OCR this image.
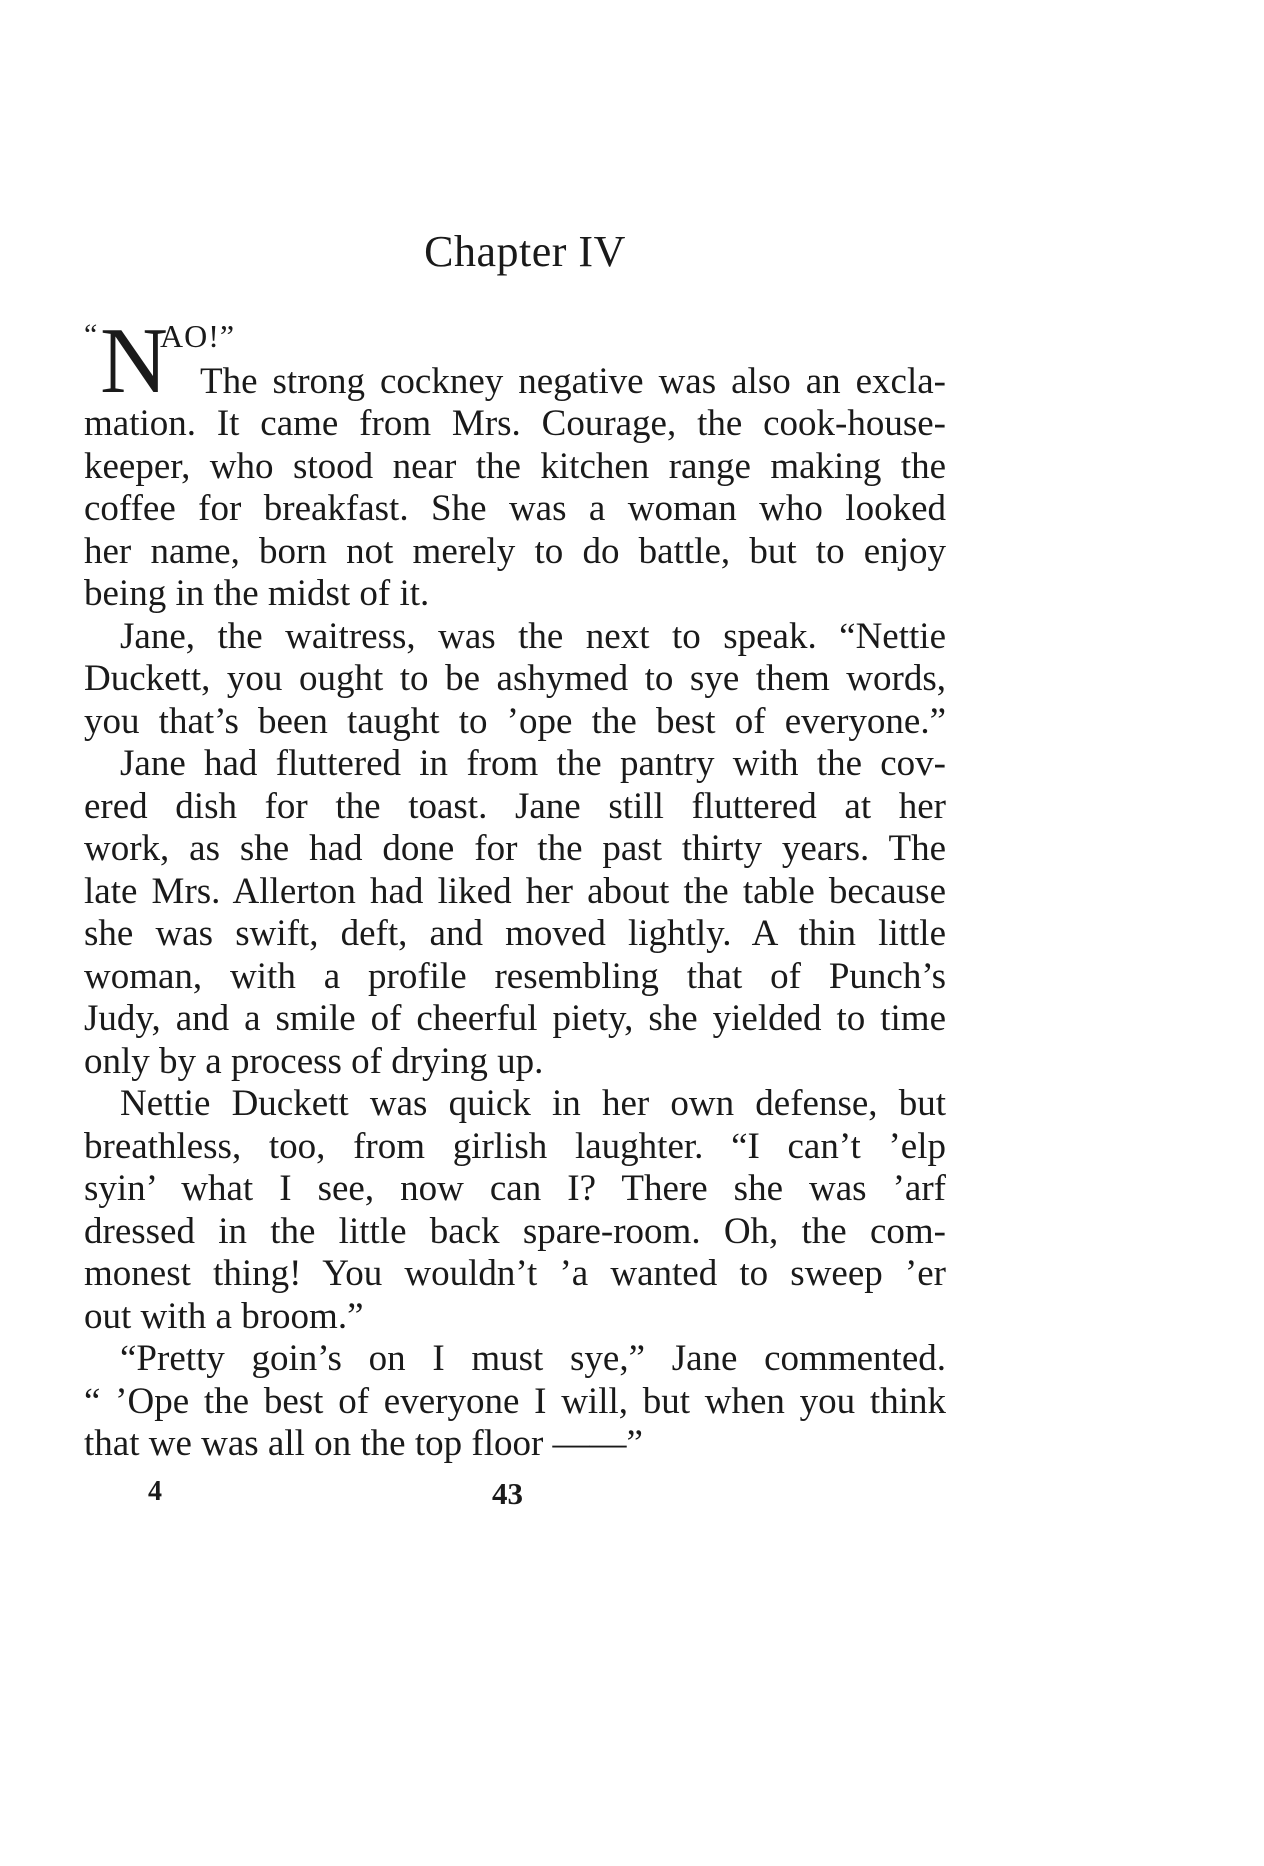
Chapter IV
“ N
AO!”
The strong cockney negative was also an excla-
mation. It came from Mrs. Courage, the cook-house-
keeper, who stood near the kitchen range making the
coffee for breakfast. She was a woman who looked
her name, born not merely to do battle, but to enjoy
being in the midst of it.
Jane, the waitress, was the next to speak. “Nettie
Duckett, you ought to be ashymed to sye them words,
you that’s been taught to ’ope the best of everyone.”
Jane had fluttered in from the pantry with the cov-
ered dish for the toast. Jane still fluttered at her
work, as she had done for the past thirty years. The
late Mrs. Allerton had liked her about the table because
she was swift, deft, and moved lightly. A thin little
woman, with a profile resembling that of Punch’s
Judy, and a smile of cheerful piety, she yielded to time
only by a process of drying up.
Nettie Duckett was quick in her own defense, but
breathless, too, from girlish laughter. “I can’t ’elp
syin’ what I see, now can I? There she was ’arf
dressed in the little back spare-room. Oh, the com-
monest thing! You wouldn’t ’a wanted to sweep ’er
out with a broom.”
“Pretty goin’s on I must sye,” Jane commented.
“ ’Ope the best of everyone I will, but when you think
that we was all on the top floor ——”
4	43
